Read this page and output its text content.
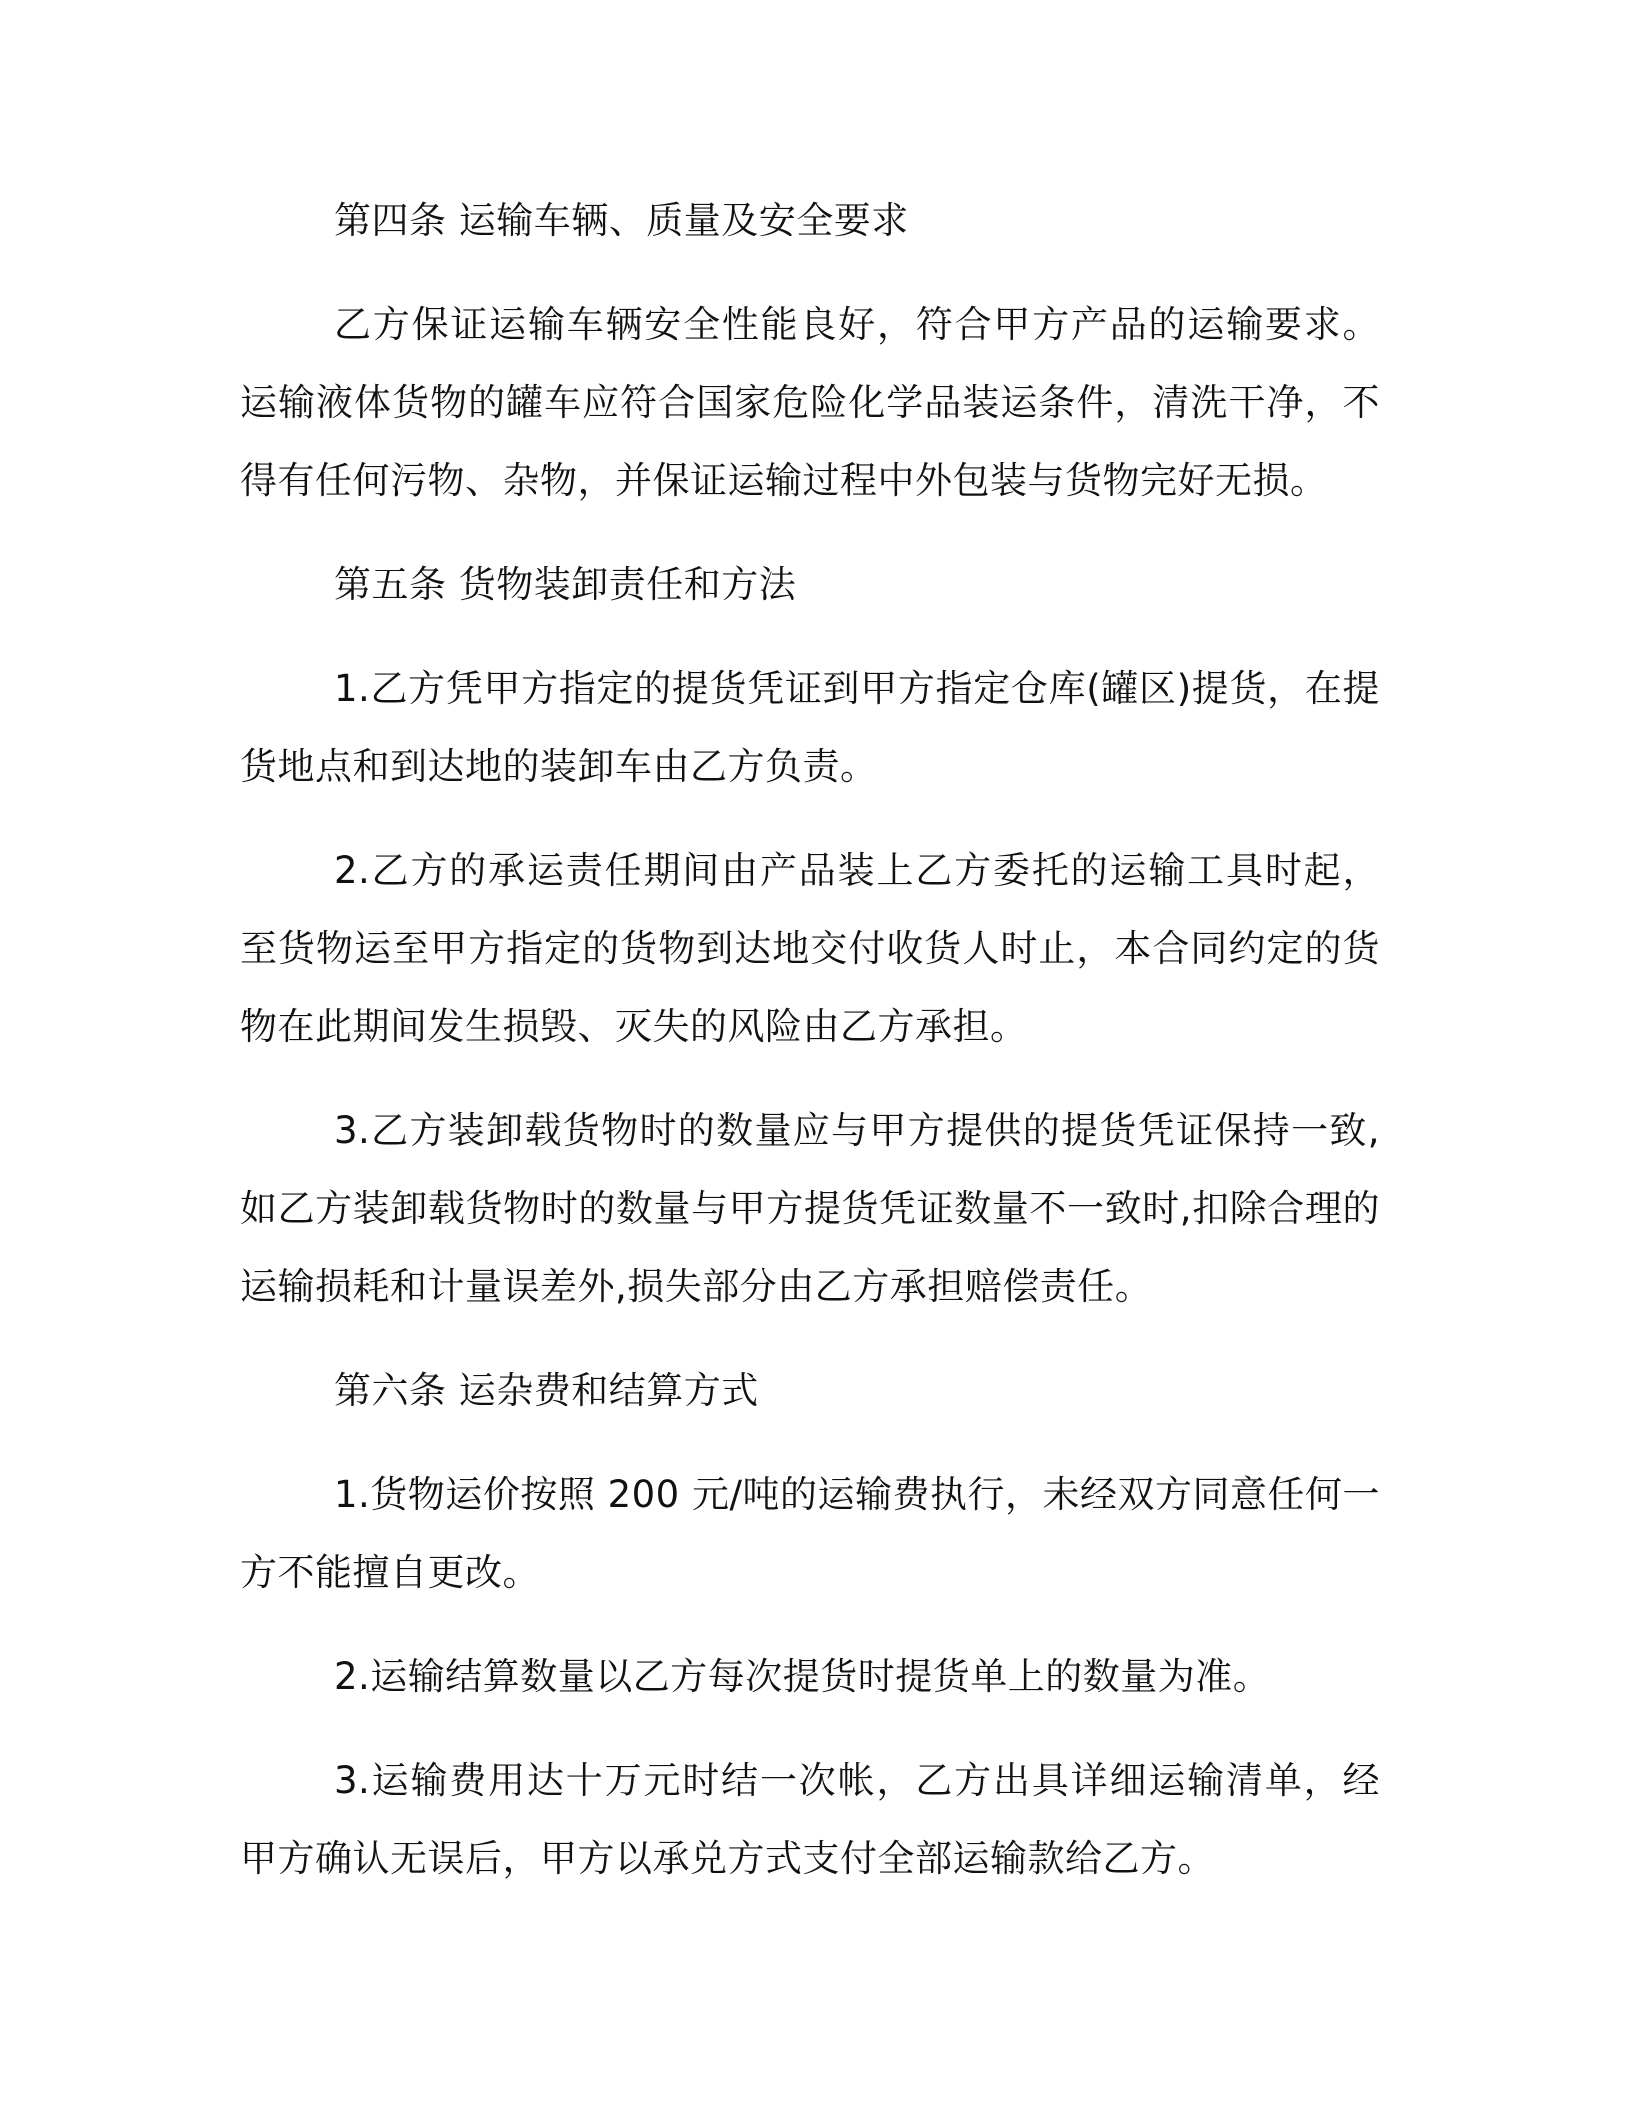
第四条 运输车辆、质量及安全要求

乙方保证运输车辆安全性能良好，符合甲方产品的运输要求。运输液体货物的罐车应符合国家危险化学品装运条件，清洗干净，不得有任何污物、杂物，并保证运输过程中外包装与货物完好无损。

第五条 货物装卸责任和方法

1.乙方凭甲方指定的提货凭证到甲方指定仓库(罐区)提货，在提货地点和到达地的装卸车由乙方负责。

2.乙方的承运责任期间由产品装上乙方委托的运输工具时起，至货物运至甲方指定的货物到达地交付收货人时止，本合同约定的货物在此期间发生损毁、灭失的风险由乙方承担。

3.乙方装卸载货物时的数量应与甲方提供的提货凭证保持一致,如乙方装卸载货物时的数量与甲方提货凭证数量不一致时,扣除合理的运输损耗和计量误差外,损失部分由乙方承担赔偿责任。

第六条 运杂费和结算方式

1.货物运价按照 200 元/吨的运输费执行，未经双方同意任何一方不能擅自更改。

2.运输结算数量以乙方每次提货时提货单上的数量为准。

3.运输费用达十万元时结一次帐，乙方出具详细运输清单，经甲方确认无误后，甲方以承兑方式支付全部运输款给乙方。
